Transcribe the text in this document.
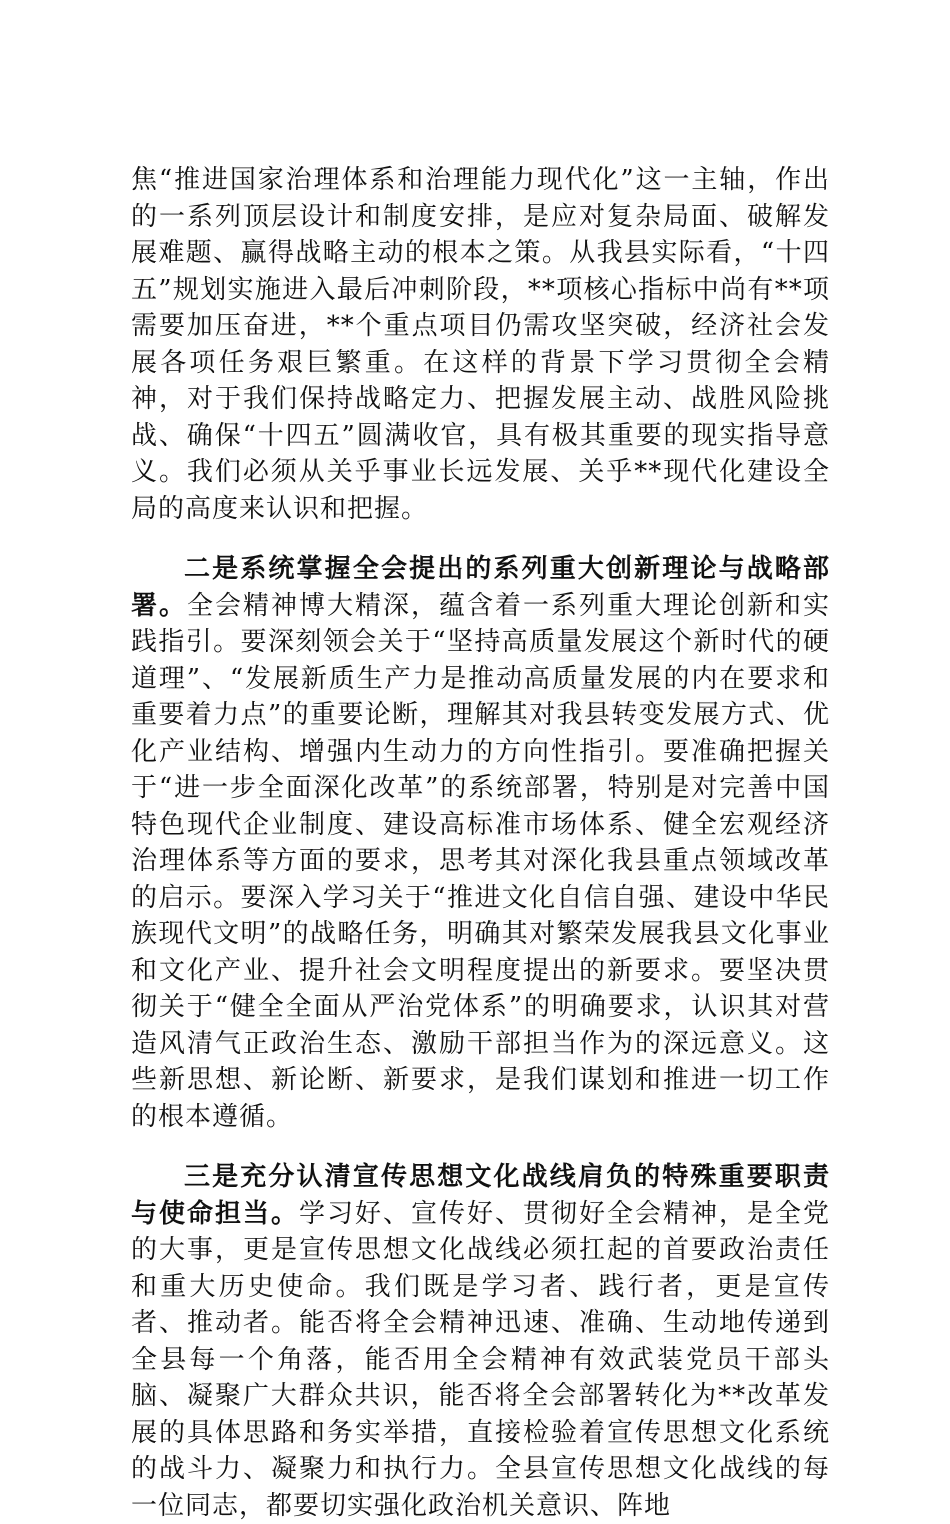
焦“推进国家治理体系和治理能力现代化”这一主轴，作出的一系列顶层设计和制度安排，是应对复杂局面、破解发展难题、赢得战略主动的根本之策。从我县实际看，“十四五”规划实施进入最后冲刺阶段，**项核心指标中尚有**项需要加压奋进，**个重点项目仍需攻坚突破，经济社会发展各项任务艰巨繁重。在这样的背景下学习贯彻全会精神，对于我们保持战略定力、把握发展主动、战胜风险挑战、确保“十四五”圆满收官，具有极其重要的现实指导意义。我们必须从关乎事业长远发展、关乎**现代化建设全局的高度来认识和把握。

二是系统掌握全会提出的系列重大创新理论与战略部署。全会精神博大精深，蕴含着一系列重大理论创新和实践指引。要深刻领会关于“坚持高质量发展这个新时代的硬道理”、“发展新质生产力是推动高质量发展的内在要求和重要着力点”的重要论断，理解其对我县转变发展方式、优化产业结构、增强内生动力的方向性指引。要准确把握关于“进一步全面深化改革”的系统部署，特别是对完善中国特色现代企业制度、建设高标准市场体系、健全宏观经济治理体系等方面的要求，思考其对深化我县重点领域改革的启示。要深入学习关于“推进文化自信自强、建设中华民族现代文明”的战略任务，明确其对繁荣发展我县文化事业和文化产业、提升社会文明程度提出的新要求。要坚决贯彻关于“健全全面从严治党体系”的明确要求，认识其对营造风清气正政治生态、激励干部担当作为的深远意义。这些新思想、新论断、新要求，是我们谋划和推进一切工作的根本遵循。

三是充分认清宣传思想文化战线肩负的特殊重要职责与使命担当。学习好、宣传好、贯彻好全会精神，是全党的大事，更是宣传思想文化战线必须扛起的首要政治责任和重大历史使命。我们既是学习者、践行者，更是宣传者、推动者。能否将全会精神迅速、准确、生动地传递到全县每一个角落，能否用全会精神有效武装党员干部头脑、凝聚广大群众共识，能否将全会部署转化为**改革发展的具体思路和务实举措，直接检验着宣传思想文化系统的战斗力、凝聚力和执行力。全县宣传思想文化战线的每一位同志，都要切实强化政治机关意识、阵地
